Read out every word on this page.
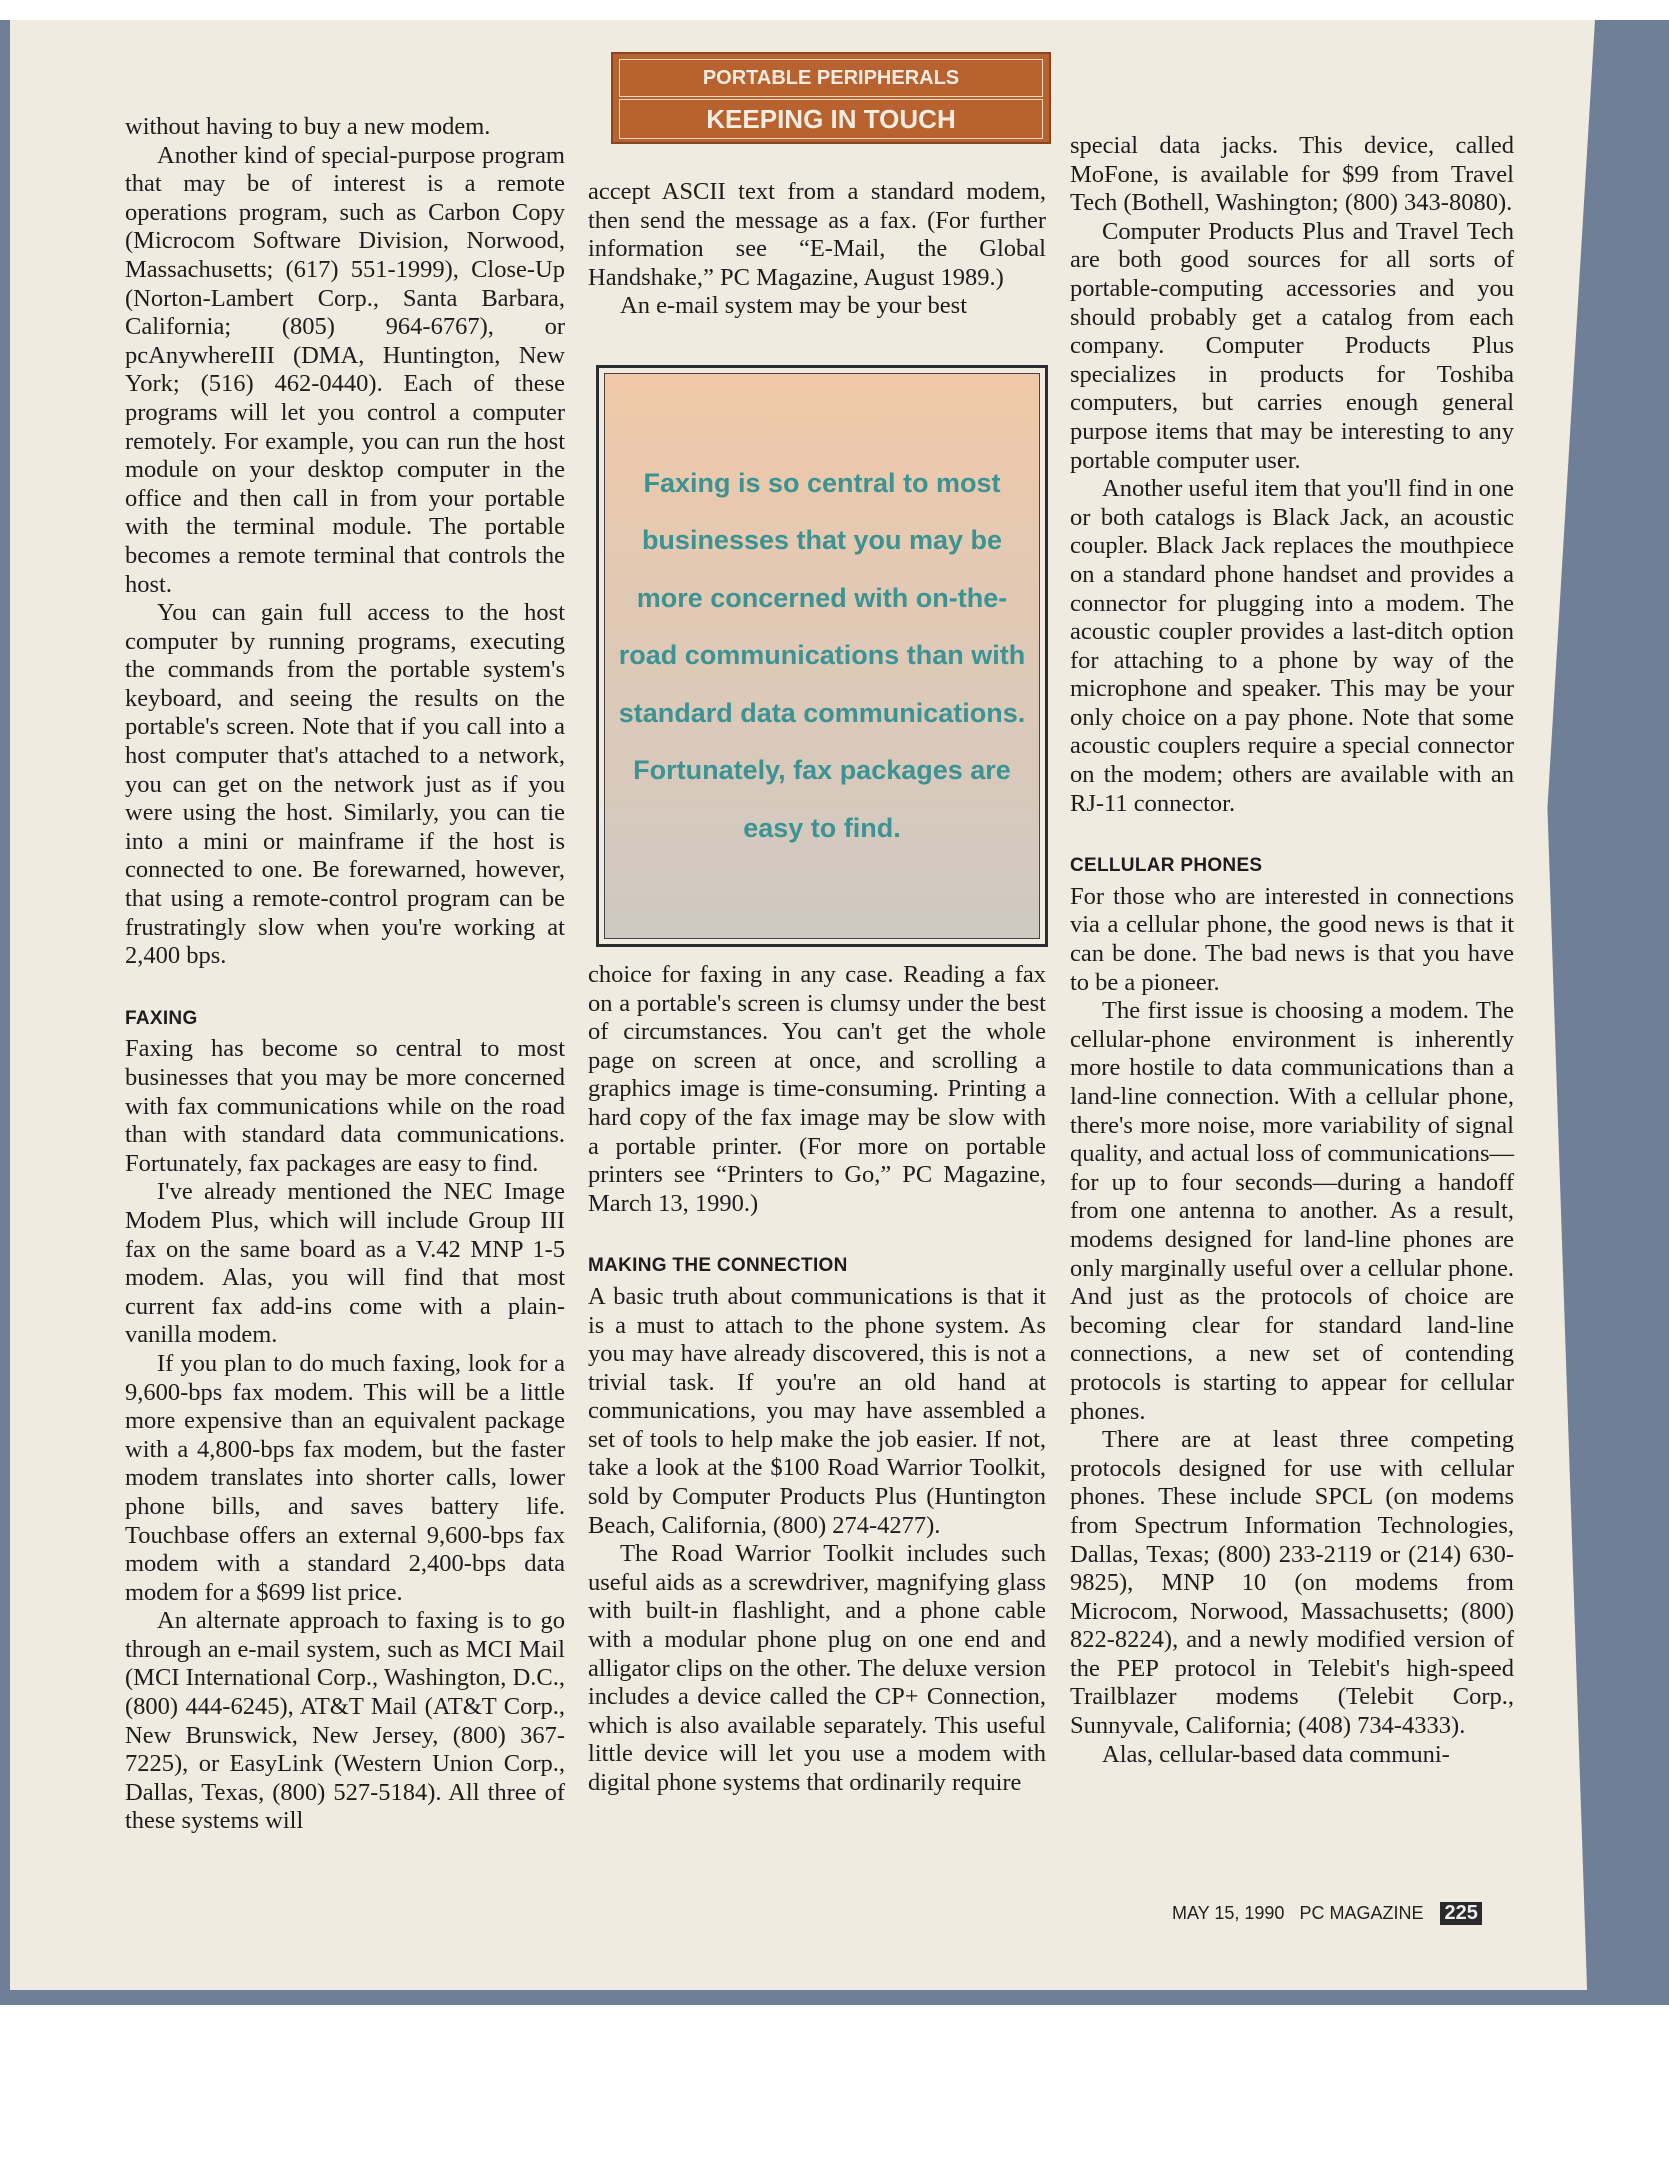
PORTABLE PERIPHERALS
KEEPING IN TOUCH

without having to buy a new modem.

Another kind of special-purpose program that may be of interest is a remote operations program, such as Carbon Copy (Microcom Software Division, Norwood, Massachusetts; (617) 551-1999), Close-Up (Norton-Lambert Corp., Santa Barbara, California; (805) 964-6767), or pcAnywhereIII (DMA, Huntington, New York; (516) 462-0440). Each of these programs will let you control a computer remotely. For example, you can run the host module on your desktop computer in the office and then call in from your portable with the terminal module. The portable becomes a remote terminal that controls the host.

You can gain full access to the host computer by running programs, executing the commands from the portable system's keyboard, and seeing the results on the portable's screen. Note that if you call into a host computer that's attached to a network, you can get on the network just as if you were using the host. Similarly, you can tie into a mini or mainframe if the host is connected to one. Be forewarned, however, that using a remote-control program can be frustratingly slow when you're working at 2,400 bps.

FAXING

Faxing has become so central to most businesses that you may be more concerned with fax communications while on the road than with standard data communications. Fortunately, fax packages are easy to find.

I've already mentioned the NEC Image Modem Plus, which will include Group III fax on the same board as a V.42 MNP 1-5 modem. Alas, you will find that most current fax add-ins come with a plain-vanilla modem.

If you plan to do much faxing, look for a 9,600-bps fax modem. This will be a little more expensive than an equivalent package with a 4,800-bps fax modem, but the faster modem translates into shorter calls, lower phone bills, and saves battery life. Touchbase offers an external 9,600-bps fax modem with a standard 2,400-bps data modem for a $699 list price.

An alternate approach to faxing is to go through an e-mail system, such as MCI Mail (MCI International Corp., Washington, D.C., (800) 444-6245), AT&T Mail (AT&T Corp., New Brunswick, New Jersey, (800) 367-7225), or EasyLink (Western Union Corp., Dallas, Texas, (800) 527-5184). All three of these systems will

accept ASCII text from a standard modem, then send the message as a fax. (For further information see “E-Mail, the Global Handshake,” PC Magazine, August 1989.)

An e-mail system may be your best

choice for faxing in any case. Reading a fax on a portable's screen is clumsy under the best of circumstances. You can't get the whole page on screen at once, and scrolling a graphics image is time-consuming. Printing a hard copy of the fax image may be slow with a portable printer. (For more on portable printers see “Printers to Go,” PC Magazine, March 13, 1990.)

MAKING THE CONNECTION

A basic truth about communications is that it is a must to attach to the phone system. As you may have already discovered, this is not a trivial task. If you're an old hand at communications, you may have assembled a set of tools to help make the job easier. If not, take a look at the $100 Road Warrior Toolkit, sold by Computer Products Plus (Huntington Beach, California, (800) 274-4277).

The Road Warrior Toolkit includes such useful aids as a screwdriver, magnifying glass with built-in flashlight, and a phone cable with a modular phone plug on one end and alligator clips on the other. The deluxe version includes a device called the CP+ Connection, which is also available separately. This useful little device will let you use a modem with digital phone systems that ordinarily require

Faxing is so central to most businesses that you may be more concerned with on-the-road communications than with standard data communications. Fortunately, fax packages are easy to find.

special data jacks. This device, called MoFone, is available for $99 from Travel Tech (Bothell, Washington; (800) 343-8080).

Computer Products Plus and Travel Tech are both good sources for all sorts of portable-computing accessories and you should probably get a catalog from each company. Computer Products Plus specializes in products for Toshiba computers, but carries enough general purpose items that may be interesting to any portable computer user.

Another useful item that you'll find in one or both catalogs is Black Jack, an acoustic coupler. Black Jack replaces the mouthpiece on a standard phone handset and provides a connector for plugging into a modem. The acoustic coupler provides a last-ditch option for attaching to a phone by way of the microphone and speaker. This may be your only choice on a pay phone. Note that some acoustic couplers require a special connector on the modem; others are available with an RJ-11 connector.

CELLULAR PHONES

For those who are interested in connections via a cellular phone, the good news is that it can be done. The bad news is that you have to be a pioneer.

The first issue is choosing a modem. The cellular-phone environment is inherently more hostile to data communications than a land-line connection. With a cellular phone, there's more noise, more variability of signal quality, and actual loss of communications—for up to four seconds—during a handoff from one antenna to another. As a result, modems designed for land-line phones are only marginally useful over a cellular phone. And just as the protocols of choice are becoming clear for standard land-line connections, a new set of contending protocols is starting to appear for cellular phones.

There are at least three competing protocols designed for use with cellular phones. These include SPCL (on modems from Spectrum Information Technologies, Dallas, Texas; (800) 233-2119 or (214) 630-9825), MNP 10 (on modems from Microcom, Norwood, Massachusetts; (800) 822-8224), and a newly modified version of the PEP protocol in Telebit's high-speed Trailblazer modems (Telebit Corp., Sunnyvale, California; (408) 734-4333).

Alas, cellular-based data communi-

MAY 15, 1990 PC MAGAZINE 225
